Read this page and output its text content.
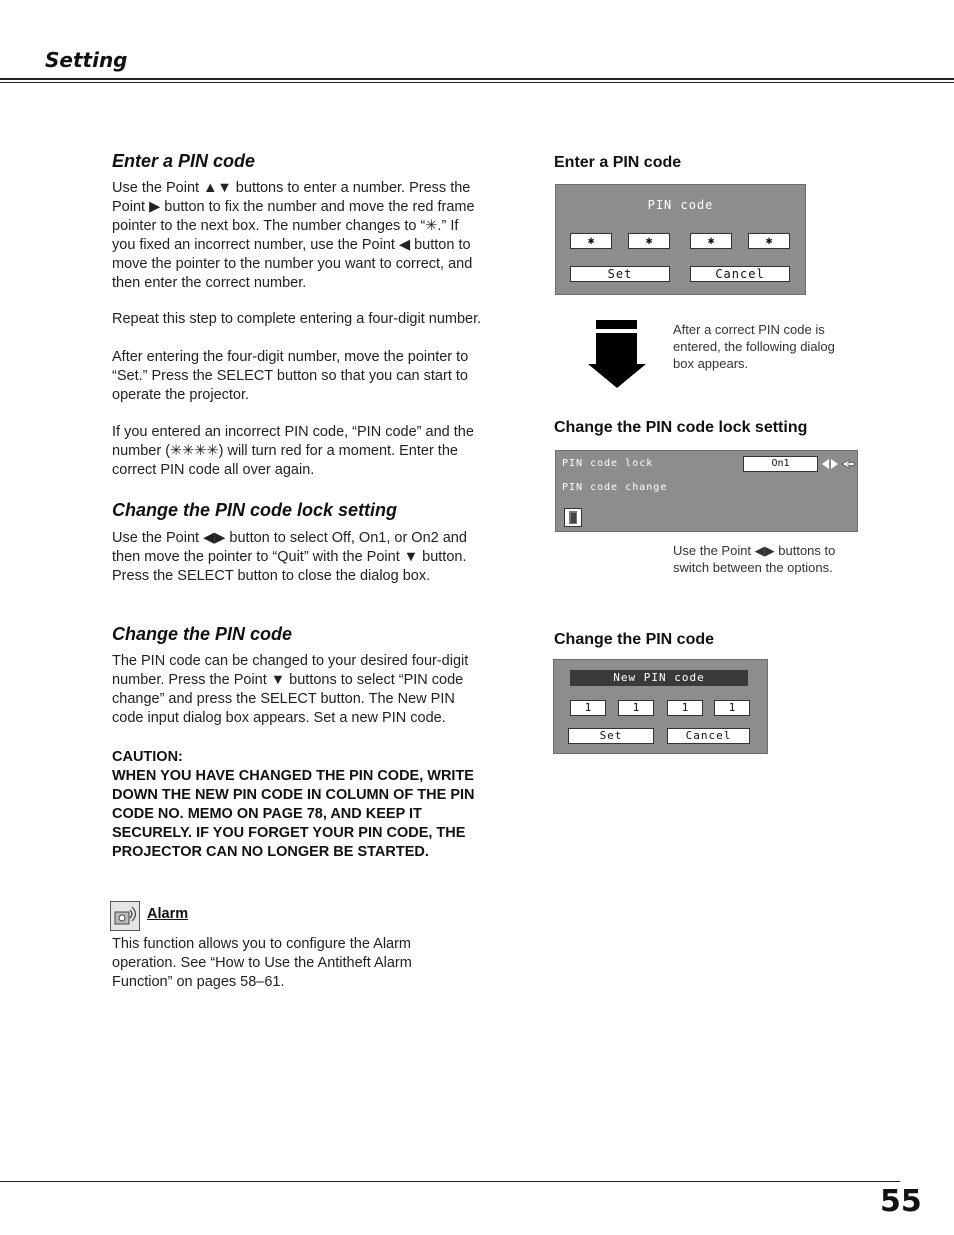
Setting
Enter a PIN code
Use the Point ▲▼ buttons to enter a number. Press the
Point ▶ button to fix the number and move the red frame
pointer to the next box. The number changes to “✳.” If
you fixed an incorrect number, use the Point ◀ button to
move the pointer to the number you want to correct, and
then enter the correct number.
Repeat this step to complete entering a four-digit number.
After entering the four-digit number, move the pointer to
“Set.” Press the SELECT button so that you can start to
operate the projector.
If you entered an incorrect PIN code, “PIN code” and the
number (✳✳✳✳) will turn red for a moment. Enter the
correct PIN code all over again.
Change the PIN code lock setting
Use the Point ◀▶ button to select Off, On1, or On2 and
then move the pointer to “Quit” with the Point ▼ button.
Press the SELECT button to close the dialog box.
Change the PIN code
The PIN code can be changed to your desired four-digit
number. Press the Point ▼ buttons to select “PIN code
change” and press the SELECT button. The New PIN
code input dialog box appears. Set a new PIN code.
CAUTION:
WHEN YOU HAVE CHANGED THE PIN CODE, WRITE
DOWN THE NEW PIN CODE IN COLUMN OF THE PIN
CODE NO. MEMO ON PAGE 78, AND KEEP IT
SECURELY. IF YOU FORGET YOUR PIN CODE, THE
PROJECTOR CAN NO LONGER BE STARTED.
Alarm
This function allows you to configure the Alarm
operation. See “How to Use the Antitheft Alarm
Function” on pages 58–61.
Enter a PIN code
PIN code
✱	✱	✱	✱
Set	Cancel
After a correct PIN code is
entered, the following dialog
box appears.
Change the PIN code lock setting
PIN code lock	On1
PIN code change
Use the Point ◀▶ buttons to
switch between the options.
Change the PIN code
New PIN code
1	1	1	1
Set	Cancel
55
